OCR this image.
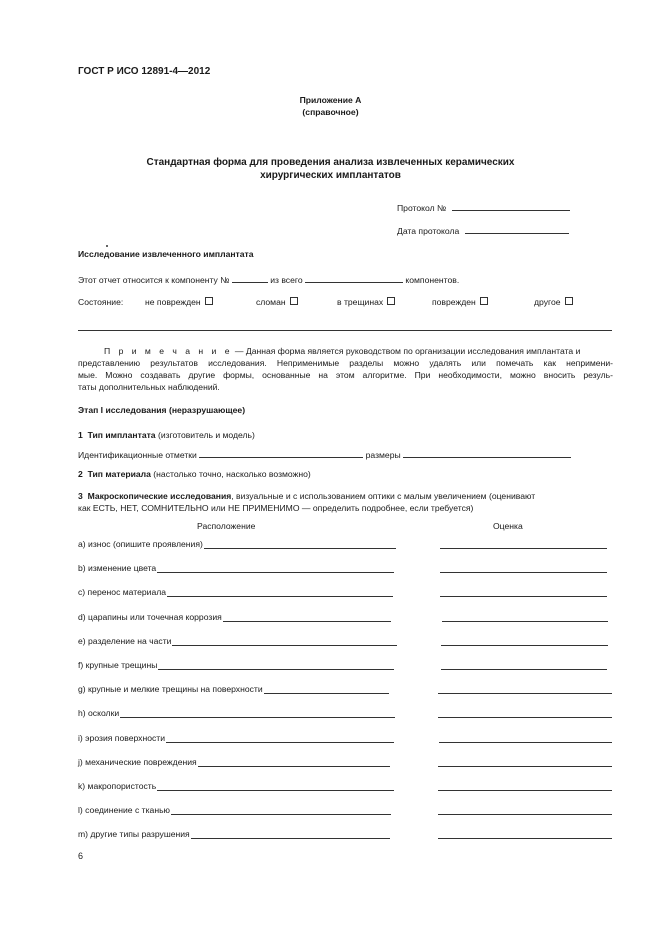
ГОСТ Р ИСО 12891-4—2012
Приложение А
(справочное)
Стандартная форма для проведения анализа извлеченных керамических
хирургических имплантатов
Протокол №
Дата протокола
Исследование извлеченного имплантата
Этот отчет относится к компоненту №	из всего	компонентов.
Состояние:	не поврежден	сломан	в трещинах	поврежден	другое
П р и м е ч а н и е — Данная форма является руководством по организации исследования имплантата и
представлению результатов исследования. Неприменимые разделы можно удалять или помечать как непримени-
мые. Можно создавать другие формы, основанные на этом алгоритме. При необходимости, можно вносить резуль-
таты дополнительных наблюдений.
Этап I исследования (неразрушающее)
1 Тип имплантата (изготовитель и модель)
Идентификационные отметки	размеры
2 Тип материала (настолько точно, насколько возможно)
3 Макроскопические исследования, визуальные и с использованием оптики с малым увеличением (оценивают
как ЕСТЬ, НЕТ, СОМНИТЕЛЬНО или НЕ ПРИМЕНИМО — определить подробнее, если требуется)
Расположение	Оценка
а) износ (опишите проявления)
b) изменение цвета
c) перенос материала
d) царапины или точечная коррозия
e) разделение на части
f) крупные трещины
g) крупные и мелкие трещины на поверхности
h) осколки
i) эрозия поверхности
j) механические повреждения
k) макропористость
l) соединение с тканью
m) другие типы разрушения
6
